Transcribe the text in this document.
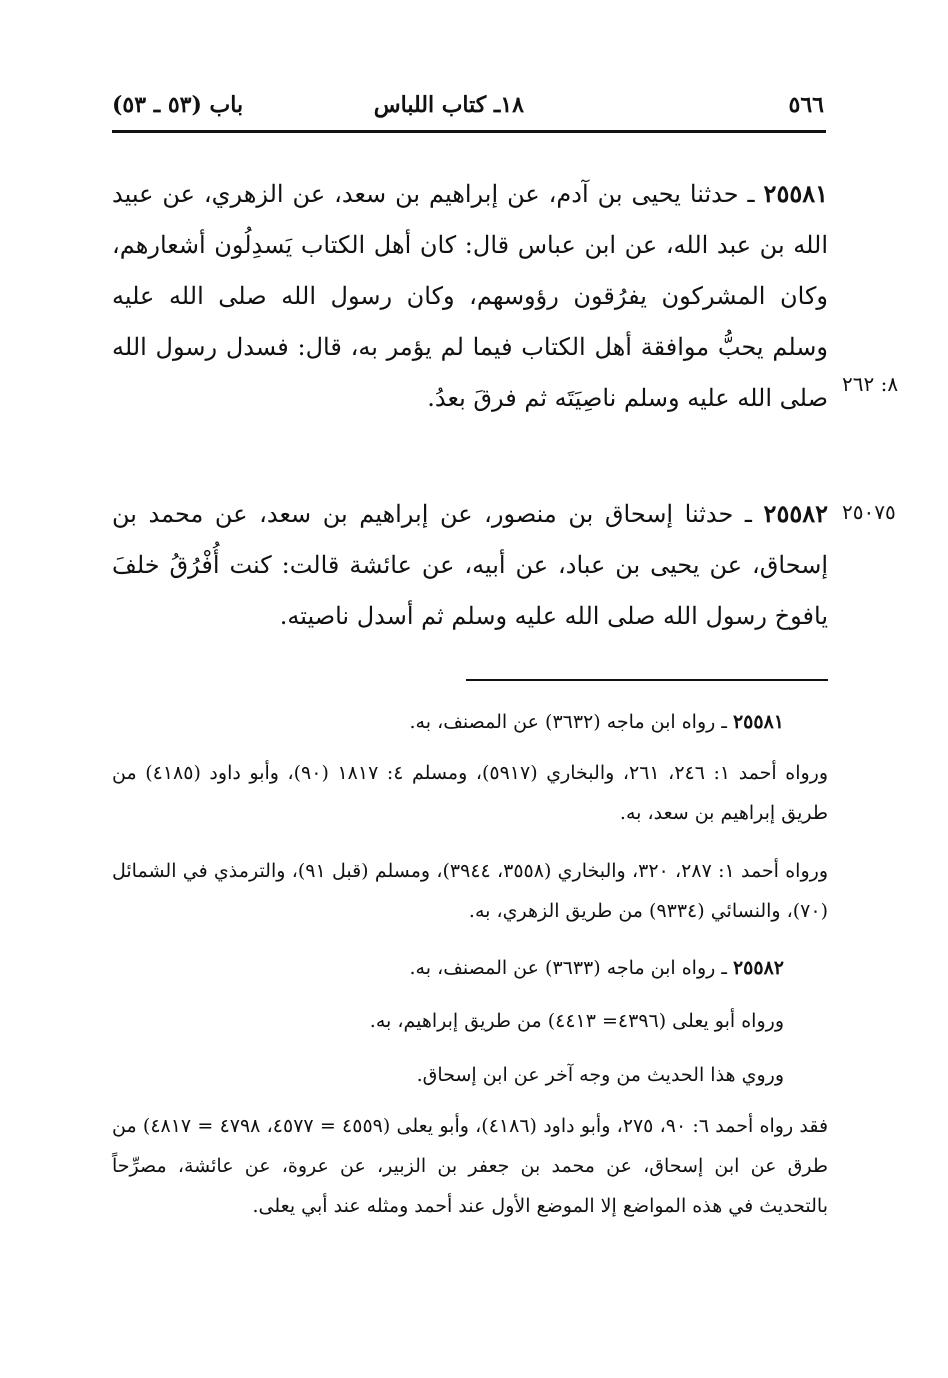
٥٦٦
١٨ـ كتاب اللباس
باب (٥٣ ـ ٥٣)
٢٥٥٨١ ـ حدثنا يحيى بن آدم، عن إبراهيم بن سعد، عن الزهري، عن عبيد الله بن عبد الله، عن ابن عباس قال: كان أهل الكتاب يَسدِلُون أشعارهم، وكان المشركون يفرُقون رؤوسهم، وكان رسول الله صلى الله عليه وسلم يحبُّ موافقة أهل الكتاب فيما لم يؤمر به، قال: فسدل رسول الله صلى الله عليه وسلم ناصِيَتَه ثم فرقَ بعدُ. ٨: ٢٦٢
٢٥٥٨٢ ـ حدثنا إسحاق بن منصور، عن إبراهيم بن سعد، عن محمد بن إسحاق، عن يحيى بن عباد، عن أبيه، عن عائشة قالت: كنت أُفْرُقُ خلفَ يافوخ رسول الله صلى الله عليه وسلم ثم أسدل ناصيته.
٢٥٠٧٥
٢٥٥٨١ ـ رواه ابن ماجه (٣٦٣٢) عن المصنف، به.
ورواه أحمد ١: ٢٤٦، ٢٦١، والبخاري (٥٩١٧)، ومسلم ٤: ١٨١٧ (٩٠)، وأبو داود (٤١٨٥) من طريق إبراهيم بن سعد، به.
ورواه أحمد ١: ٢٨٧، ٣٢٠، والبخاري (٣٥٥٨، ٣٩٤٤)، ومسلم (قبل ٩١)، والترمذي في الشمائل (٧٠)، والنسائي (٩٣٣٤) من طريق الزهري، به.
٢٥٥٨٢ ـ رواه ابن ماجه (٣٦٣٣) عن المصنف، به.
ورواه أبو يعلى (٤٣٩٦= ٤٤١٣) من طريق إبراهيم، به.
وروي هذا الحديث من وجه آخر عن ابن إسحاق.
فقد رواه أحمد ٦: ٩٠، ٢٧٥، وأبو داود (٤١٨٦)، وأبو يعلى (٤٥٥٩ = ٤٥٧٧، ٤٧٩٨ = ٤٨١٧) من طرق عن ابن إسحاق، عن محمد بن جعفر بن الزبير، عن عروة، عن عائشة، مصرِّحاً بالتحديث في هذه المواضع إلا الموضع الأول عند أحمد ومثله عند أبي يعلى.
